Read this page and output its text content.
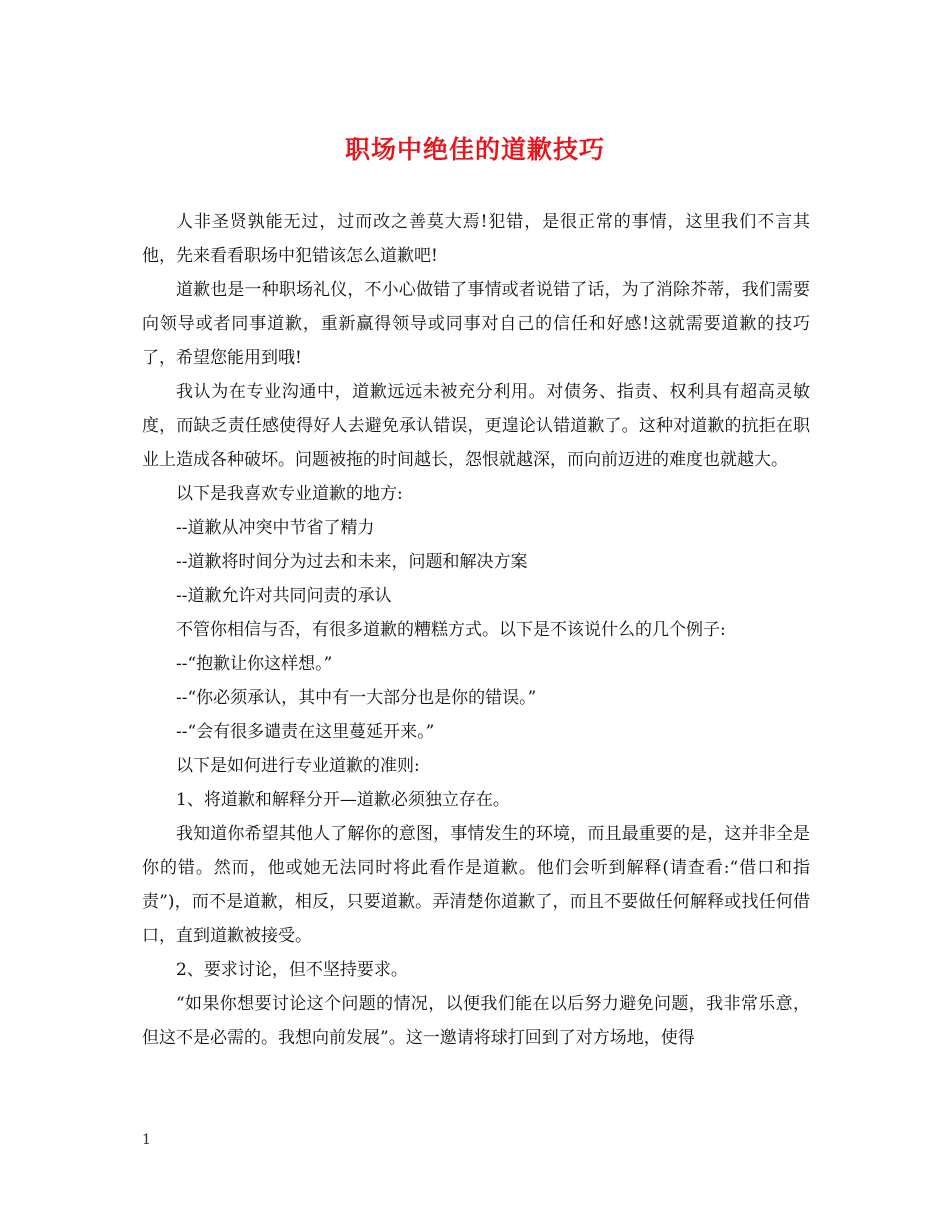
职场中绝佳的道歉技巧

人非圣贤孰能无过，过而改之善莫大焉!犯错，是很正常的事情，这里我们不言其他，先来看看职场中犯错该怎么道歉吧!

道歉也是一种职场礼仪，不小心做错了事情或者说错了话，为了消除芥蒂，我们需要向领导或者同事道歉，重新赢得领导或同事对自己的信任和好感!这就需要道歉的技巧了，希望您能用到哦!

我认为在专业沟通中，道歉远远未被充分利用。对债务、指责、权利具有超高灵敏度，而缺乏责任感使得好人去避免承认错误，更遑论认错道歉了。这种对道歉的抗拒在职业上造成各种破坏。问题被拖的时间越长，怨恨就越深，而向前迈进的难度也就越大。

以下是我喜欢专业道歉的地方:

--道歉从冲突中节省了精力

--道歉将时间分为过去和未来，问题和解决方案

--道歉允许对共同问责的承认

不管你相信与否，有很多道歉的糟糕方式。以下是不该说什么的几个例子:

--“抱歉让你这样想。”

--“你必须承认，其中有一大部分也是你的错误。”

--“会有很多谴责在这里蔓延开来。”

以下是如何进行专业道歉的准则:

1、将道歉和解释分开—道歉必须独立存在。

我知道你希望其他人了解你的意图，事情发生的环境，而且最重要的是，这并非全是你的错。然而，他或她无法同时将此看作是道歉。他们会听到解释(请查看:“借口和指责”)，而不是道歉，相反，只要道歉。弄清楚你道歉了，而且不要做任何解释或找任何借口，直到道歉被接受。

2、要求讨论，但不坚持要求。

“如果你想要讨论这个问题的情况，以便我们能在以后努力避免问题，我非常乐意，但这不是必需的。我想向前发展”。这一邀请将球打回到了对方场地，使得

1
